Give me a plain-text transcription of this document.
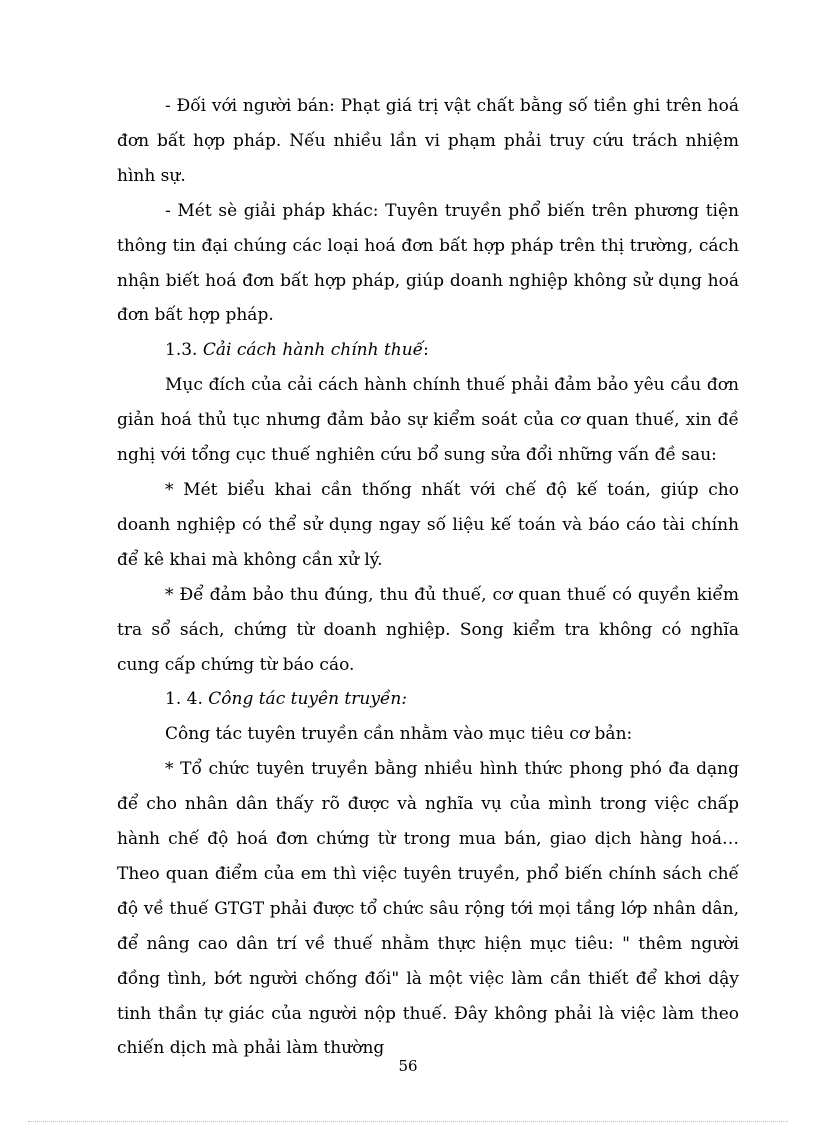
- Đối với người bán: Phạt giá trị vật chất bằng số tiền ghi trên hoá đơn bất hợp pháp. Nếu nhiều lần vi phạm phải truy cứu trách nhiệm hình sự.

- Mét sè giải pháp khác: Tuyên truyền phổ biến trên phương tiện thông tin đại chúng các loại hoá đơn bất hợp pháp trên thị trường, cách nhận biết hoá đơn bất hợp pháp, giúp doanh nghiệp không sử dụng hoá đơn bất hợp pháp.

1.3. Cải cách hành chính thuế:

Mục đích của cải cách hành chính thuế phải đảm bảo yêu cầu đơn giản hoá thủ tục nhưng đảm bảo sự kiểm soát của cơ quan thuế, xin đề nghị với tổng cục thuế nghiên cứu bổ sung sửa đổi những vấn đề sau:

* Mét biểu khai cần thống nhất với chế độ kế toán, giúp cho doanh nghiệp có thể sử dụng ngay số liệu kế toán và báo cáo tài chính để kê khai mà không cần xử lý.

* Để đảm bảo thu đúng, thu đủ thuế, cơ quan thuế có quyền kiểm tra sổ sách, chứng từ doanh nghiệp. Song kiểm tra không có nghĩa cung cấp chứng từ báo cáo.

1. 4. Công tác tuyên truyền:

Công tác tuyên truyền cần nhằm vào mục tiêu cơ bản:

* Tổ chức tuyên truyền bằng nhiều hình thức phong phó đa dạng để cho nhân dân thấy rõ được và nghĩa vụ của mình trong việc chấp hành chế độ hoá đơn chứng từ trong mua bán, giao dịch hàng hoá…Theo quan điểm của em thì việc tuyên truyền, phổ biến chính sách chế độ về thuế GTGT phải được tổ chức sâu rộng tới mọi tầng lớp nhân dân, để nâng cao dân trí về thuế nhằm thực hiện mục tiêu: " thêm người đồng tình, bớt người chống đối" là một việc làm cần thiết để khơi dậy tinh thần tự giác của người nộp thuế. Đây không phải là việc làm theo chiến dịch mà phải làm thường

56
